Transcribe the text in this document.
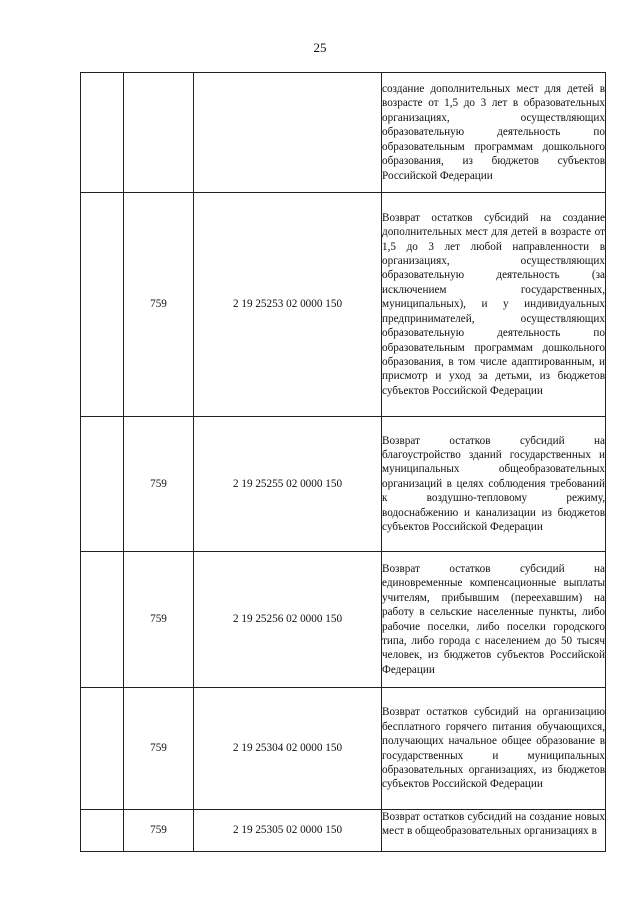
25
			создание дополнительных мест для детей в возрасте от 1,5 до 3 лет в образовательных организациях, осуществляющих образовательную деятельность по образовательным программам дошкольного образования, из бюджетов субъектов Российской Федерации
	759	2 19 25253 02 0000 150	Возврат остатков субсидий на создание дополнительных мест для детей в возрасте от 1,5 до 3 лет любой направленности в организациях, осуществляющих образовательную деятельность (за исключением государственных, муниципальных), и у индивидуальных предпринимателей, осуществляющих образовательную деятельность по образовательным программам дошкольного образования, в том числе адаптированным, и присмотр и уход за детьми, из бюджетов субъектов Российской Федерации
	759	2 19 25255 02 0000 150	Возврат остатков субсидий на благоустройство зданий государственных и муниципальных общеобразовательных организаций в целях соблюдения требований к воздушно-тепловому режиму, водоснабжению и канализации из бюджетов субъектов Российской Федерации
	759	2 19 25256 02 0000 150	Возврат остатков субсидий на единовременные компенсационные выплаты учителям, прибывшим (переехавшим) на работу в сельские населенные пункты, либо рабочие поселки, либо поселки городского типа, либо города с населением до 50 тысяч человек, из бюджетов субъектов Российской Федерации
	759	2 19 25304 02 0000 150	Возврат остатков субсидий на организацию бесплатного горячего питания обучающихся, получающих начальное общее образование в государственных и муниципальных образовательных организациях, из бюджетов субъектов Российской Федерации
	759	2 19 25305 02 0000 150	Возврат остатков субсидий на создание новых мест в общеобразовательных организациях в
